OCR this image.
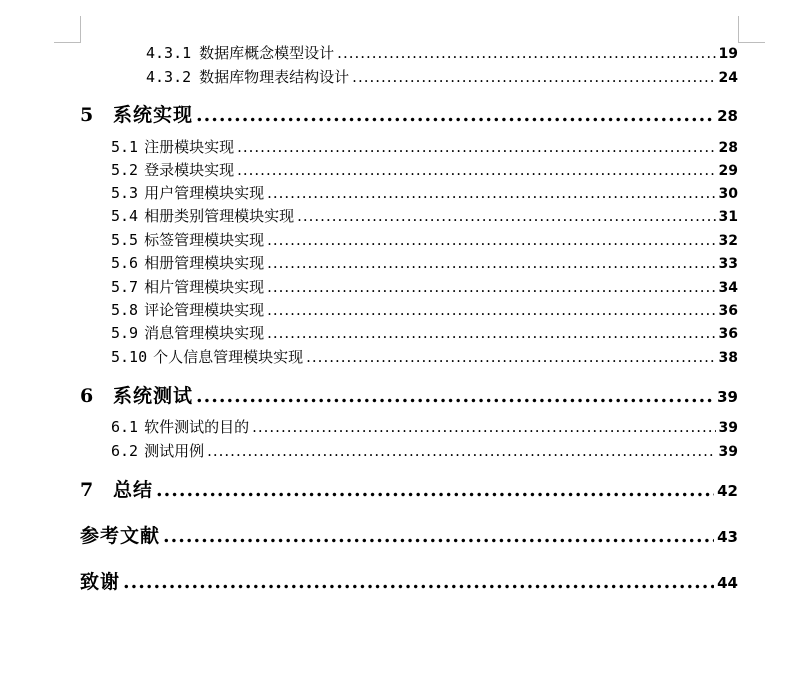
4.3.1 数据库概念模型设计 .....	19
4.3.2 数据库物理表结构设计 .....	24
5	系统实现 .....	28
5.1 注册模块实现 .....	28
5.2 登录模块实现 .....	29
5.3 用户管理模块实现 .....	30
5.4 相册类别管理模块实现 .....	31
5.5 标签管理模块实现 .....	32
5.6 相册管理模块实现 .....	33
5.7 相片管理模块实现 .....	34
5.8 评论管理模块实现 .....	36
5.9 消息管理模块实现 .....	36
5.10 个人信息管理模块实现 .....	38
6	系统测试 .....	39
6.1 软件测试的目的 .....	39
6.2 测试用例 .....	39
7	总结 .....	42
参考文献 .....	43
致谢 .....	44
